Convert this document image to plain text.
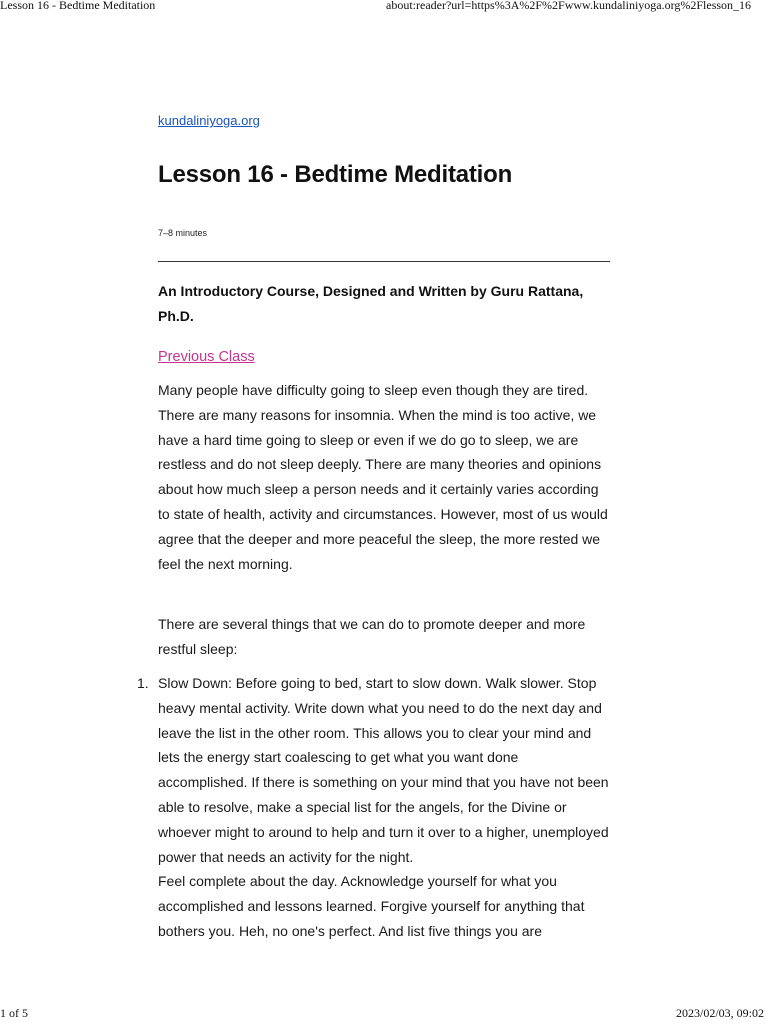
Lesson 16 - Bedtime Meditation	about:reader?url=https%3A%2F%2Fwww.kundaliniyoga.org%2Flesson_16
kundaliniyoga.org
Lesson 16 - Bedtime Meditation
7–8 minutes

An Introductory Course, Designed and Written by Guru Rattana, Ph.D.

Previous Class

Many people have difficulty going to sleep even though they are tired. There are many reasons for insomnia. When the mind is too active, we have a hard time going to sleep or even if we do go to sleep, we are restless and do not sleep deeply. There are many theories and opinions about how much sleep a person needs and it certainly varies according to state of health, activity and circumstances. However, most of us would agree that the deeper and more peaceful the sleep, the more rested we feel the next morning.

There are several things that we can do to promote deeper and more restful sleep:

1. Slow Down: Before going to bed, start to slow down. Walk slower. Stop heavy mental activity. Write down what you need to do the next day and leave the list in the other room. This allows you to clear your mind and lets the energy start coalescing to get what you want done accomplished. If there is something on your mind that you have not been able to resolve, make a special list for the angels, for the Divine or whoever might to around to help and turn it over to a higher, unemployed power that needs an activity for the night.
Feel complete about the day. Acknowledge yourself for what you accomplished and lessons learned. Forgive yourself for anything that bothers you. Heh, no one's perfect. And list five things you are
1 of 5	2023/02/03, 09:02
